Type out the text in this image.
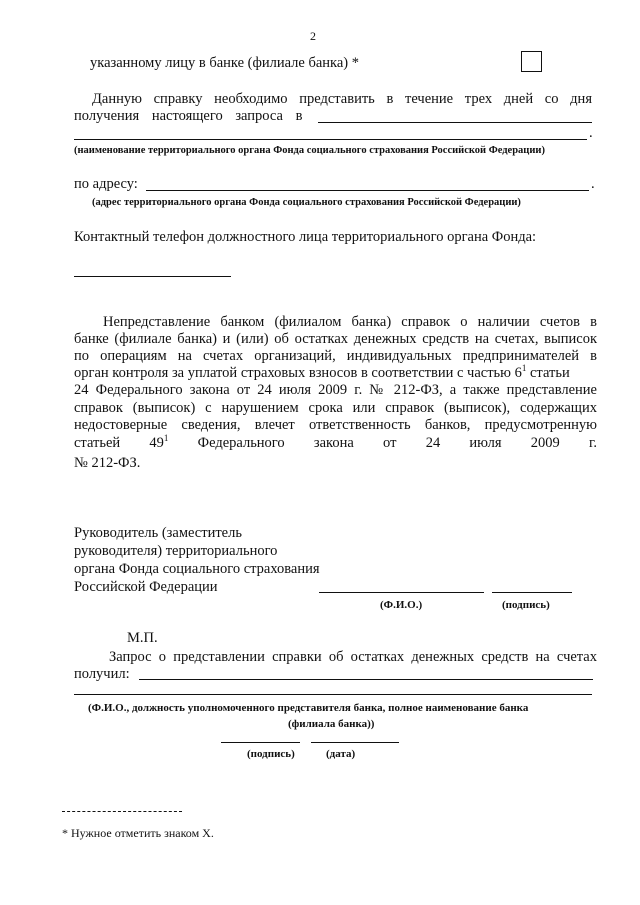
2
указанному лицу в банке (филиале банка) *
Данную справку необходимо представить в течение трех дней со дня
получения настоящего запроса в
.
(наименование территориального органа Фонда социального страхования Российской Федерации)
по адресу:	.
(адрес территориального органа Фонда социального страхования Российской Федерации)
Контактный телефон должностного лица территориального органа Фонда:
Непредставление банком (филиалом банка) справок о наличии счетов в
банке (филиале банка) и (или) об остатках денежных средств на счетах, выписок
по операциям на счетах организаций, индивидуальных предпринимателей в
орган контроля за уплатой страховых взносов в соответствии с частью $6^1$ статьи
24 Федерального закона от 24 июля 2009 г. № 212-ФЗ, а также представление
справок (выписок) с нарушением срока или справок (выписок), содержащих
недостоверные сведения, влечет ответственность банков, предусмотренную
статьей $49^1$ Федерального закона от 24 июля 2009 г.
№ 212-ФЗ.
Руководитель (заместитель
руководителя) территориального
органа Фонда социального страхования
Российской Федерации
(Ф.И.О.)	(подпись)
М.П.
Запрос о представлении справки об остатках денежных средств на счетах
получил:
(Ф.И.О., должность уполномоченного представителя банка, полное наименование банка
(филиала банка))
(подпись)	(дата)
* Нужное отметить знаком Х.
